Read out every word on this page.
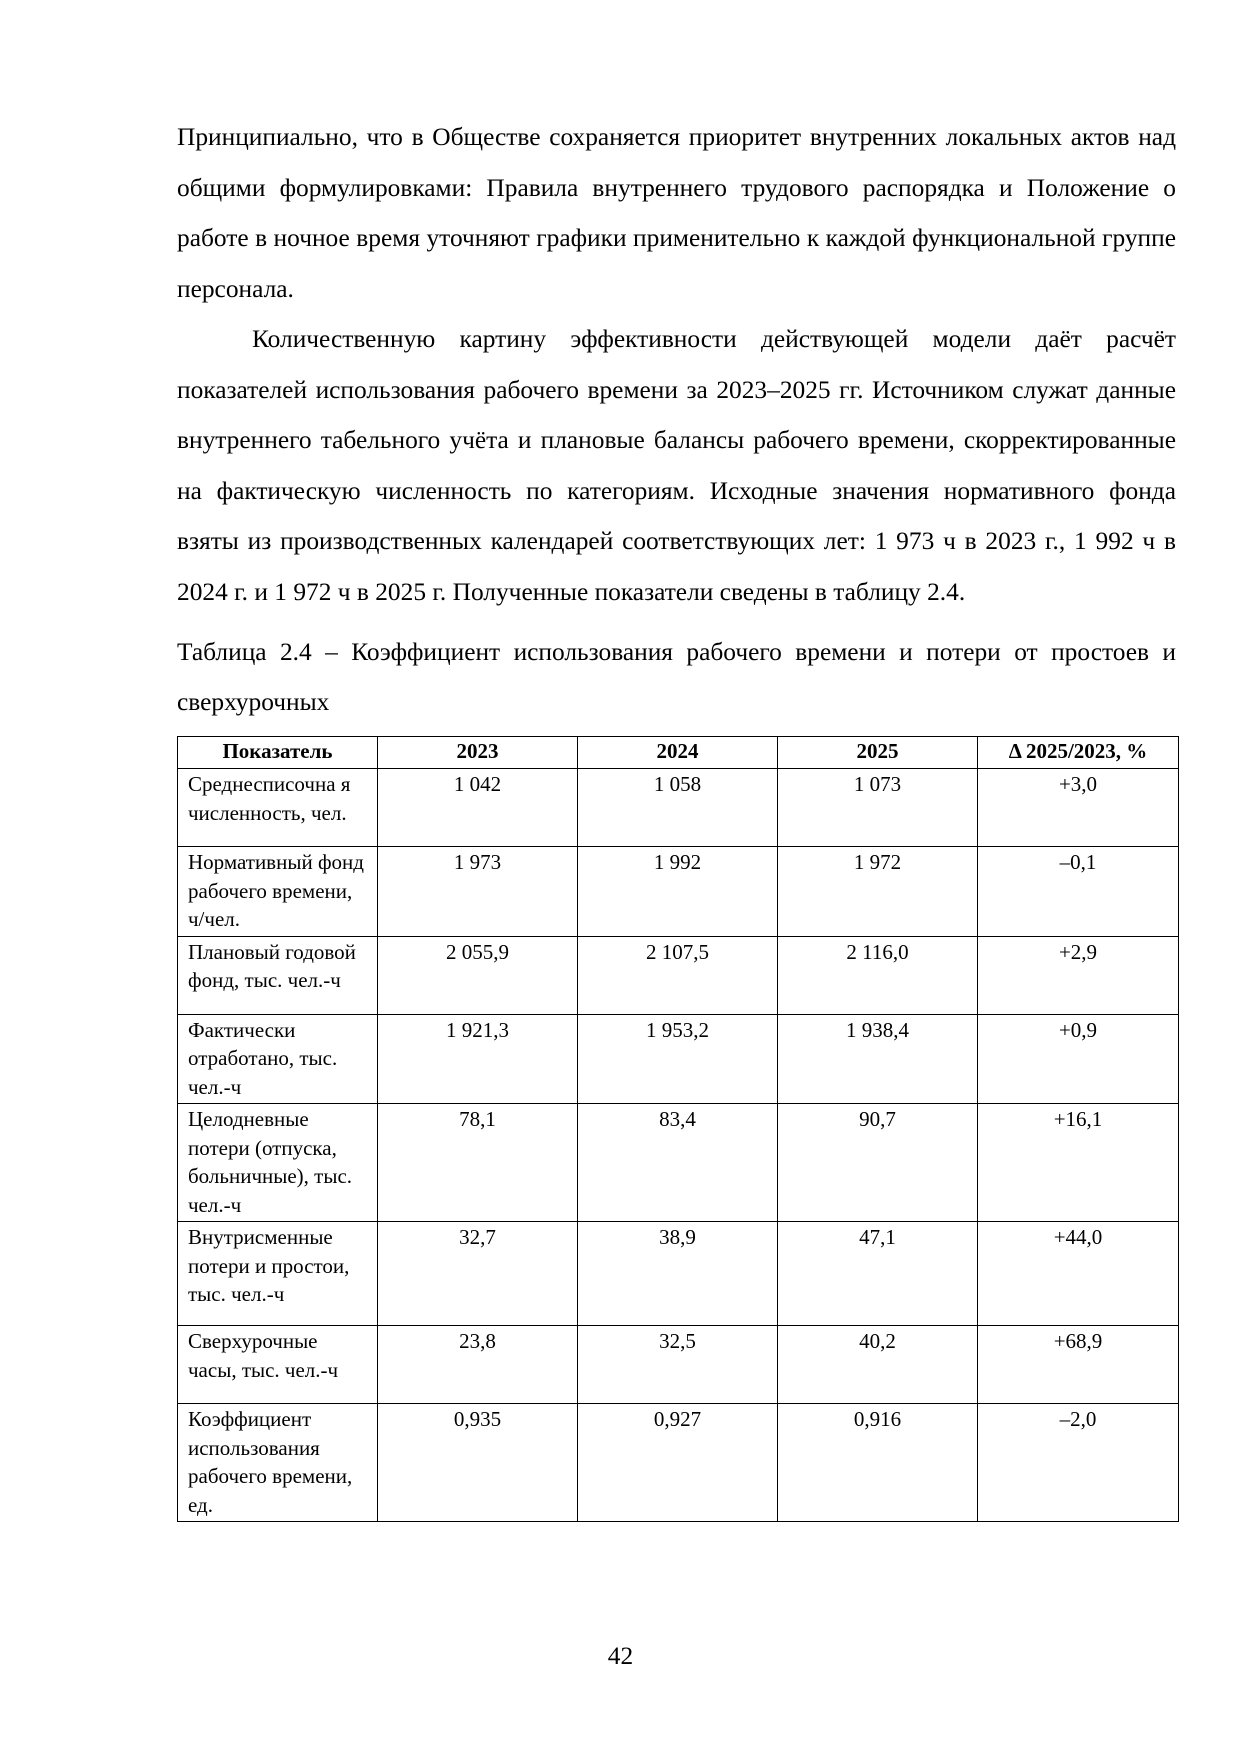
Принципиально, что в Обществе сохраняется приоритет внутренних локальных актов над общими формулировками: Правила внутреннего трудового распорядка и Положение о работе в ночное время уточняют графики применительно к каждой функциональной группе персонала.

Количественную картину эффективности действующей модели даёт расчёт показателей использования рабочего времени за 2023–2025 гг. Источником служат данные внутреннего табельного учёта и плановые балансы рабочего времени, скорректированные на фактическую численность по категориям. Исходные значения нормативного фонда взяты из производственных календарей соответствующих лет: 1 973 ч в 2023 г., 1 992 ч в 2024 г. и 1 972 ч в 2025 г. Полученные показатели сведены в таблицу 2.4.

Таблица 2.4 – Коэффициент использования рабочего времени и потери от простоев и сверхурочных

Показатель	2023	2024	2025	Δ 2025/2023, %
Среднесписочна я численность, чел.	1 042	1 058	1 073	+3,0
Нормативный фонд рабочего времени, ч/чел.	1 973	1 992	1 972	–0,1
Плановый годовой фонд, тыс. чел.-ч	2 055,9	2 107,5	2 116,0	+2,9
Фактически отработано, тыс. чел.-ч	1 921,3	1 953,2	1 938,4	+0,9
Целодневные потери (отпуска, больничные), тыс. чел.-ч	78,1	83,4	90,7	+16,1
Внутрисменные потери и простои, тыс. чел.-ч	32,7	38,9	47,1	+44,0
Сверхурочные часы, тыс. чел.-ч	23,8	32,5	40,2	+68,9
Коэффициент использования рабочего времени, ед.	0,935	0,927	0,916	–2,0
42
